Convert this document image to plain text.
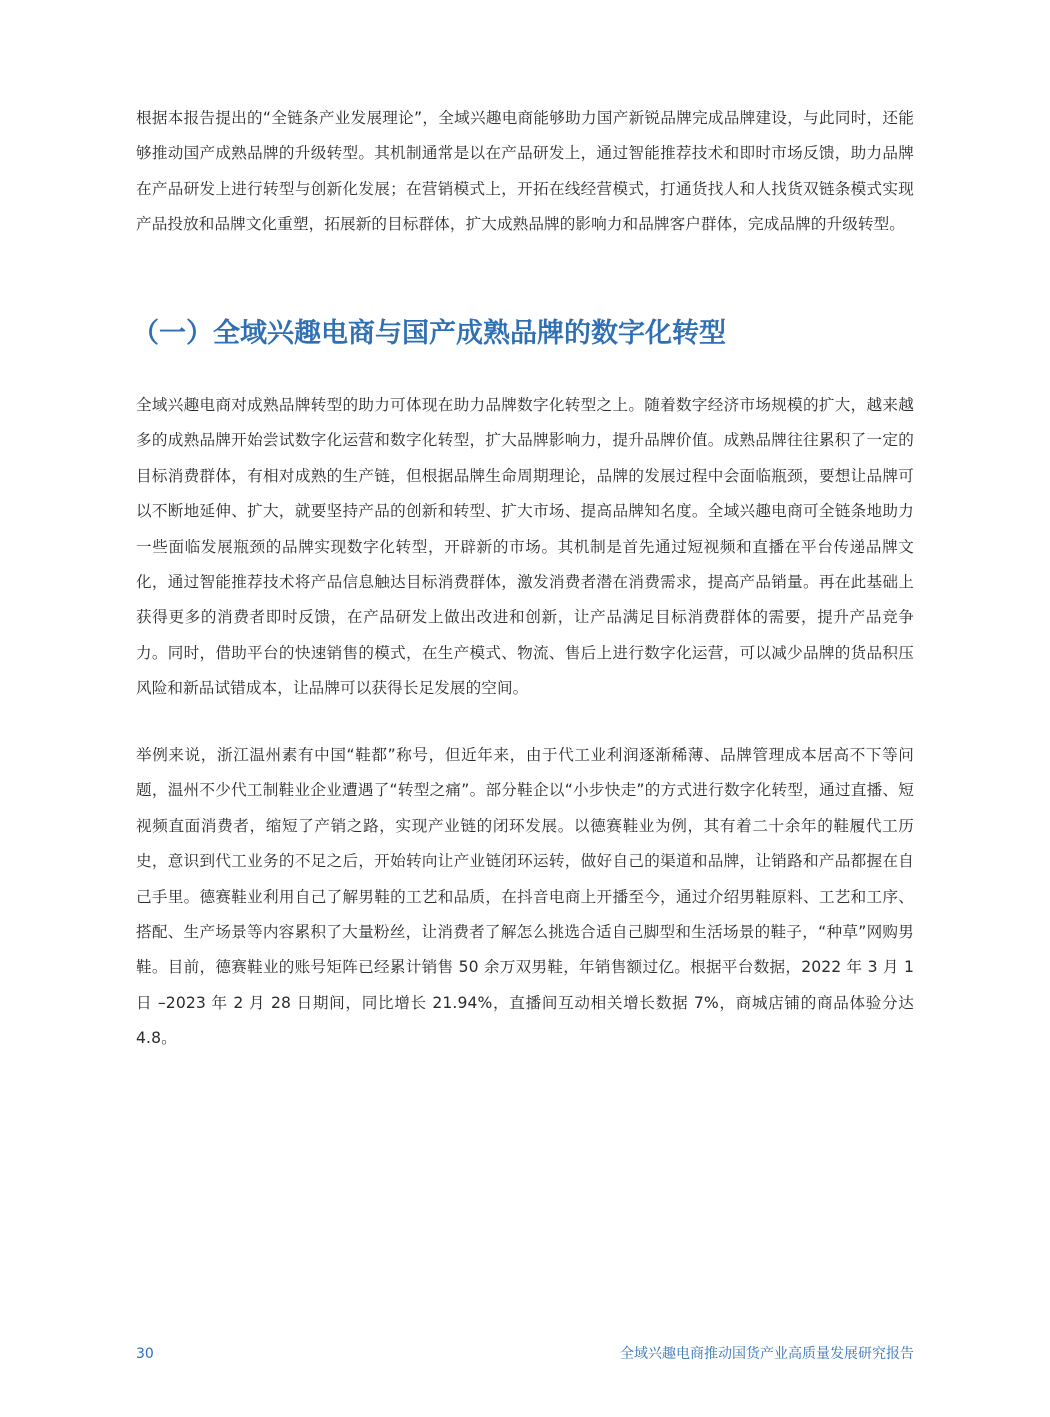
根据本报告提出的“全链条产业发展理论”，全域兴趣电商能够助力国产新锐品牌完成品牌建设，与此同时，还能够推动国产成熟品牌的升级转型。其机制通常是以在产品研发上，通过智能推荐技术和即时市场反馈，助力品牌在产品研发上进行转型与创新化发展；在营销模式上，开拓在线经营模式，打通货找人和人找货双链条模式实现产品投放和品牌文化重塑，拓展新的目标群体，扩大成熟品牌的影响力和品牌客户群体，完成品牌的升级转型。

（一）全域兴趣电商与国产成熟品牌的数字化转型

全域兴趣电商对成熟品牌转型的助力可体现在助力品牌数字化转型之上。随着数字经济市场规模的扩大，越来越多的成熟品牌开始尝试数字化运营和数字化转型，扩大品牌影响力，提升品牌价值。成熟品牌往往累积了一定的目标消费群体，有相对成熟的生产链，但根据品牌生命周期理论，品牌的发展过程中会面临瓶颈，要想让品牌可以不断地延伸、扩大，就要坚持产品的创新和转型、扩大市场、提高品牌知名度。全域兴趣电商可全链条地助力一些面临发展瓶颈的品牌实现数字化转型，开辟新的市场。其机制是首先通过短视频和直播在平台传递品牌文化，通过智能推荐技术将产品信息触达目标消费群体，激发消费者潜在消费需求，提高产品销量。再在此基础上获得更多的消费者即时反馈，在产品研发上做出改进和创新，让产品满足目标消费群体的需要，提升产品竞争力。同时，借助平台的快速销售的模式，在生产模式、物流、售后上进行数字化运营，可以减少品牌的货品积压风险和新品试错成本，让品牌可以获得长足发展的空间。

举例来说，浙江温州素有中国“鞋都”称号，但近年来，由于代工业利润逐渐稀薄、品牌管理成本居高不下等问题，温州不少代工制鞋业企业遭遇了“转型之痛”。部分鞋企以“小步快走”的方式进行数字化转型，通过直播、短视频直面消费者，缩短了产销之路，实现产业链的闭环发展。以德赛鞋业为例，其有着二十余年的鞋履代工历史，意识到代工业务的不足之后，开始转向让产业链闭环运转，做好自己的渠道和品牌，让销路和产品都握在自己手里。德赛鞋业利用自己了解男鞋的工艺和品质，在抖音电商上开播至今，通过介绍男鞋原料、工艺和工序、搭配、生产场景等内容累积了大量粉丝，让消费者了解怎么挑选合适自己脚型和生活场景的鞋子，“种草”网购男鞋。目前，德赛鞋业的账号矩阵已经累计销售 50 余万双男鞋，年销售额过亿。根据平台数据，2022 年 3 月 1 日 –2023 年 2 月 28 日期间，同比增长 21.94%，直播间互动相关增长数据 7%，商城店铺的商品体验分达 4.8。

30	全域兴趣电商推动国货产业高质量发展研究报告
